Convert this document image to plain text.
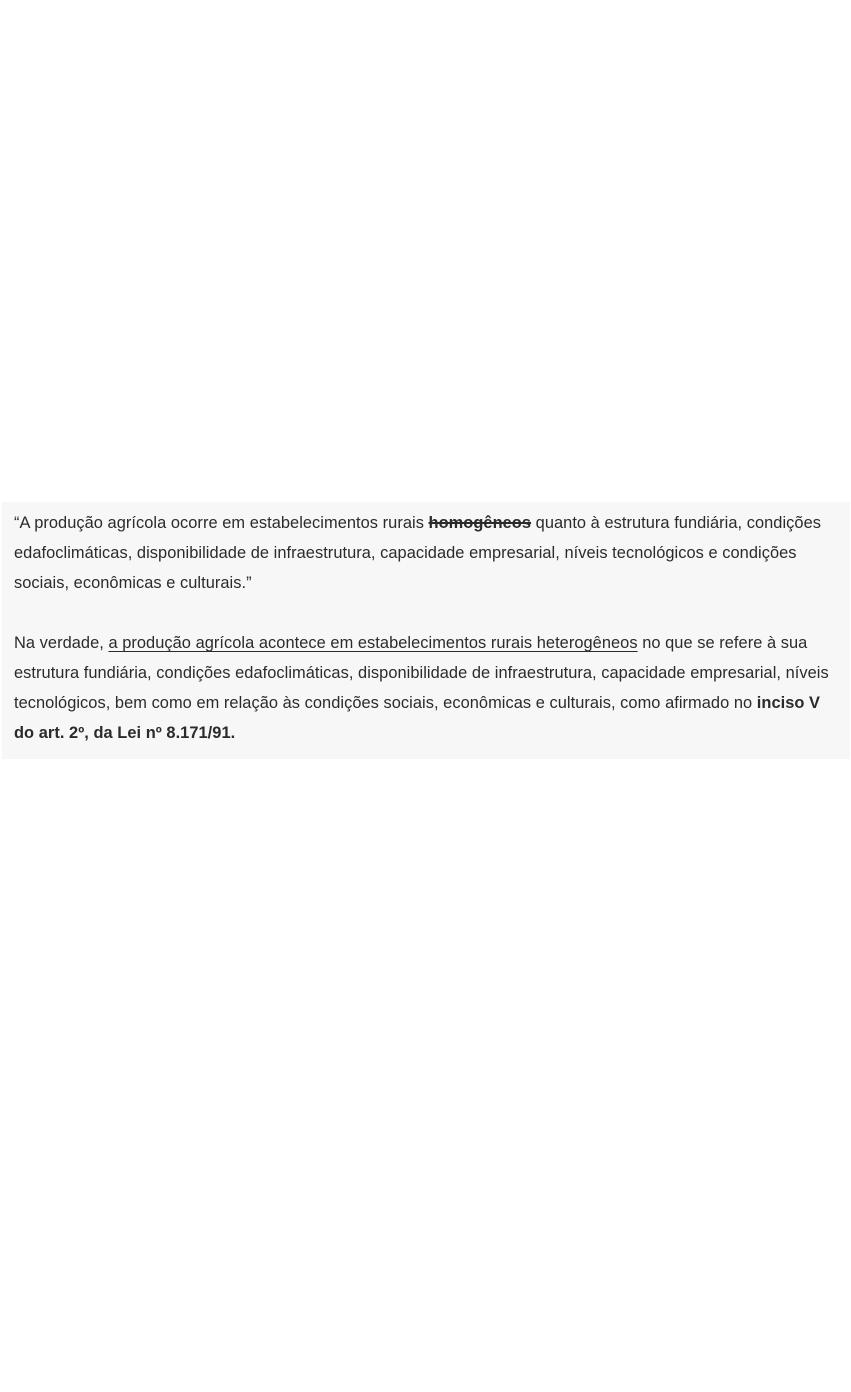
“A produção agrícola ocorre em estabelecimentos rurais homogêneos quanto à estrutura fundiária, condições edafoclimáticas, disponibilidade de infraestrutura, capacidade empresarial, níveis tecnológicos e condições sociais, econômicas e culturais.”

Na verdade, a produção agrícola acontece em estabelecimentos rurais heterogêneos no que se refere à sua estrutura fundiária, condições edafoclimáticas, disponibilidade de infraestrutura, capacidade empresarial, níveis tecnológicos, bem como em relação às condições sociais, econômicas e culturais, como afirmado no inciso V do art. 2º, da Lei nº 8.171/91.
